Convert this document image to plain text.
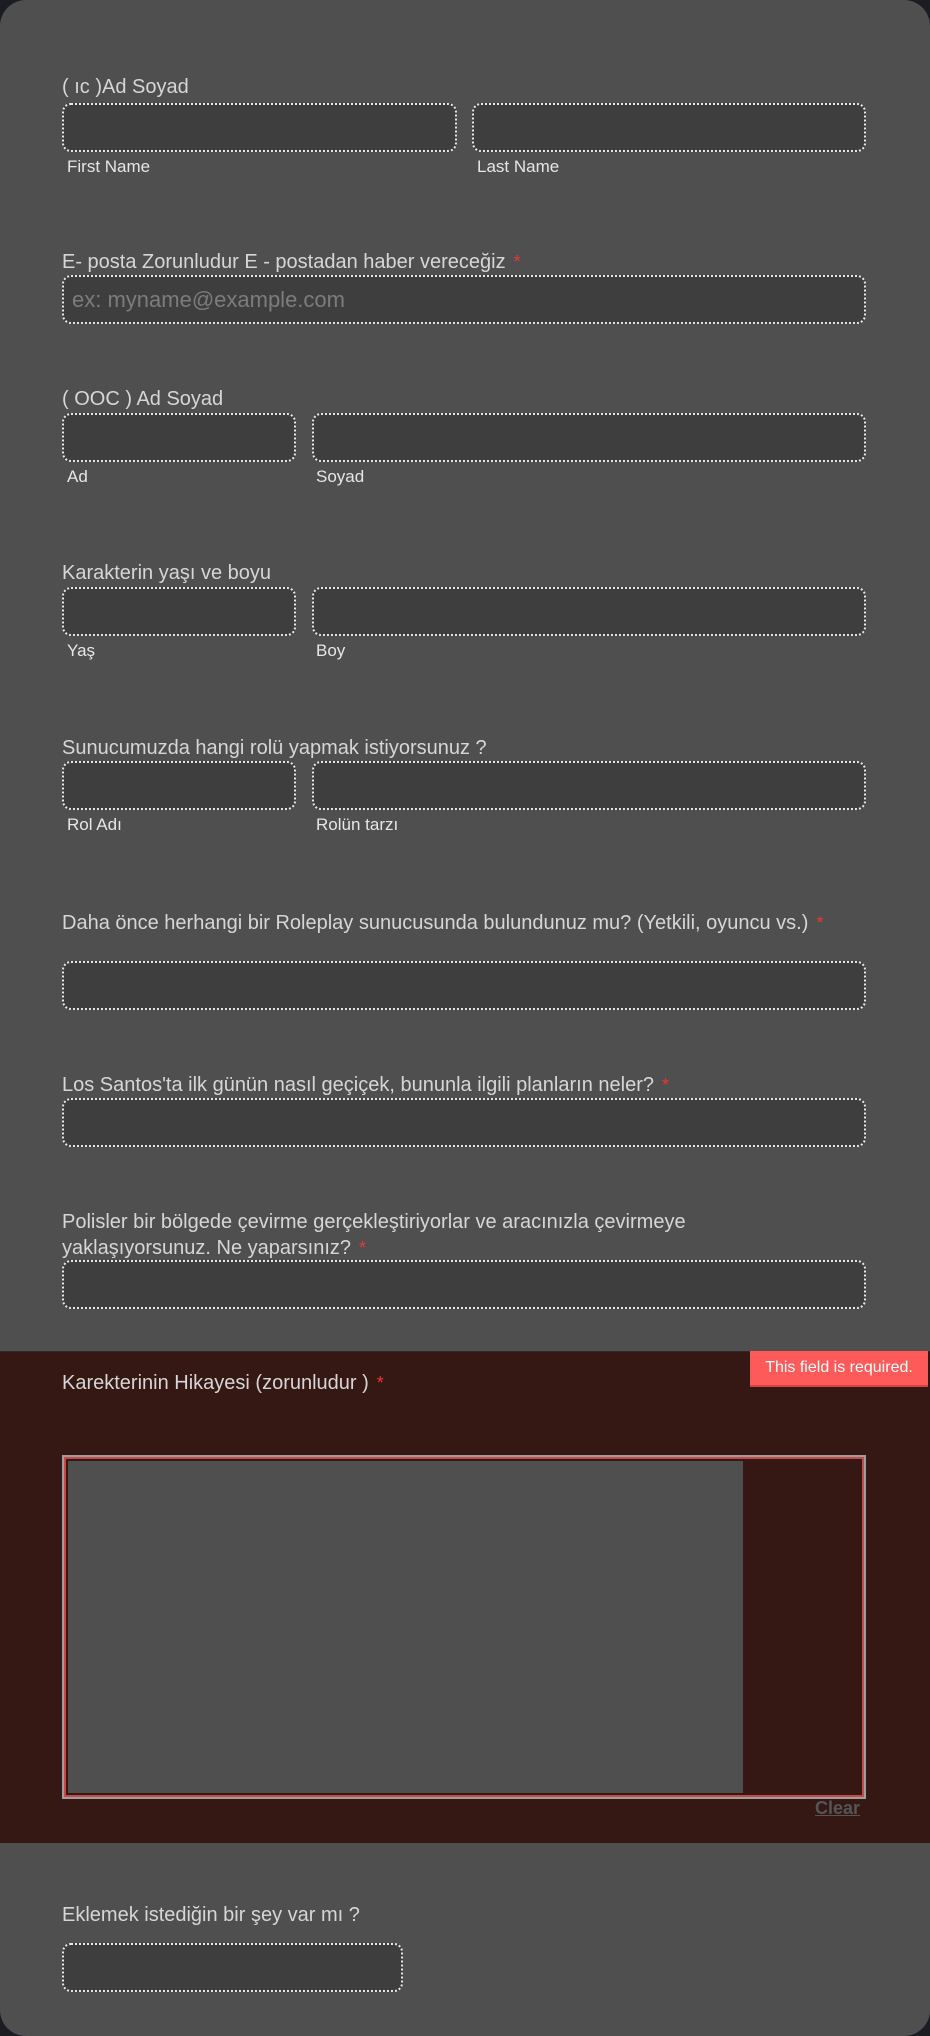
( ıc )Ad Soyad
First Name	Last Name
E- posta Zorunludur E - postadan haber vereceğiz *
ex: myname@example.com
( OOC ) Ad Soyad
Ad	Soyad
Karakterin yaşı ve boyu
Yaş	Boy
Sunucumuzda hangi rolü yapmak istiyorsunuz ?
Rol Adı	Rolün tarzı
Daha önce herhangi bir Roleplay sunucusunda bulundunuz mu? (Yetkili, oyuncu vs.) *
Los Santos'ta ilk günün nasıl geçiçek, bununla ilgili planların neler? *
Polisler bir bölgede çevirme gerçekleştiriyorlar ve aracınızla çevirmeye yaklaşıyorsunuz. Ne yaparsınız? *
This field is required.
Karekterinin Hikayesi (zorunludur ) *
Clear
Eklemek istediğin bir şey var mı ?
